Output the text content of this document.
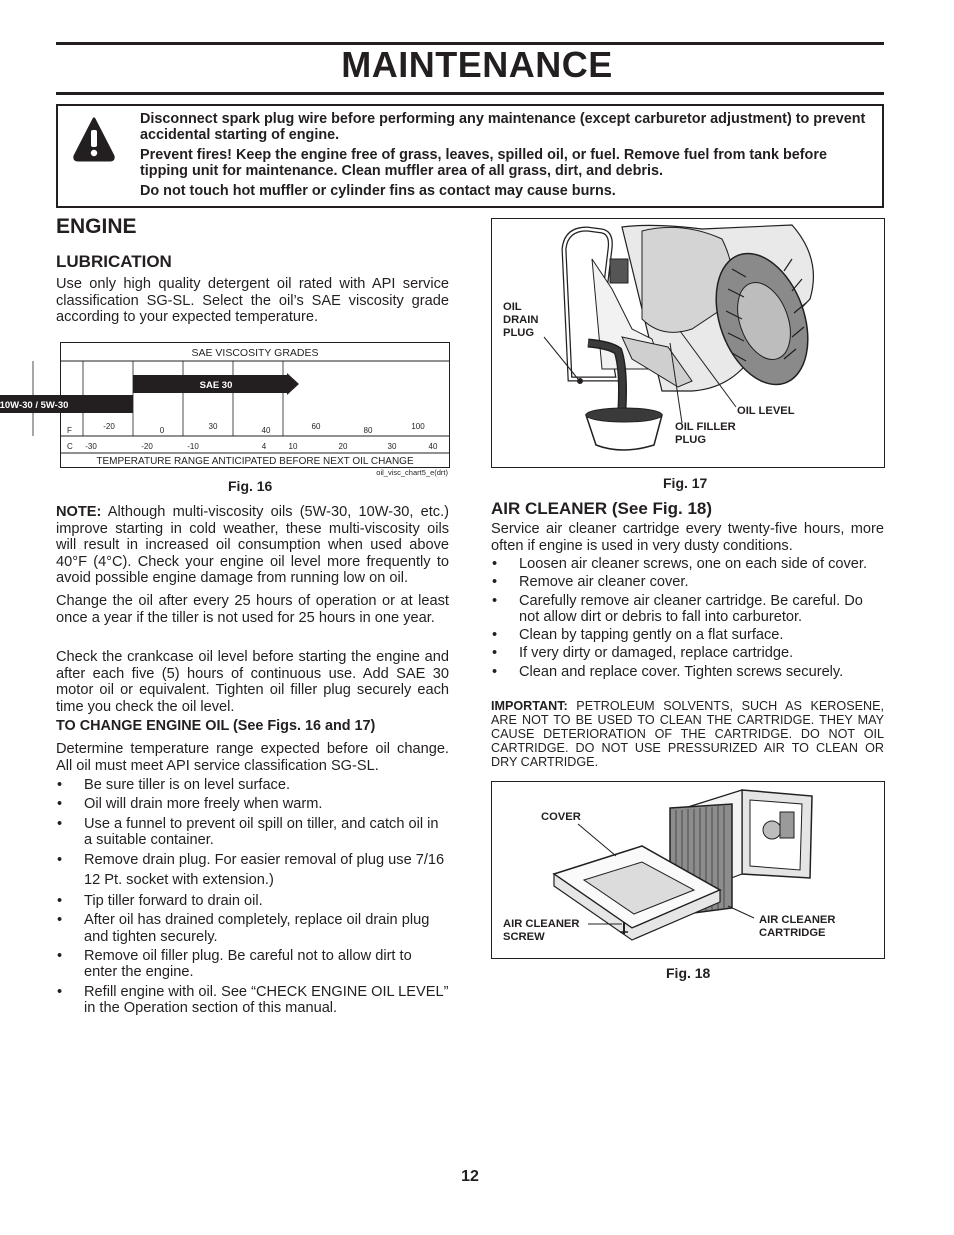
MAINTENANCE

Disconnect spark plug wire before performing any maintenance (except carburetor adjustment) to prevent accidental starting of engine.

Prevent fires! Keep the engine free of grass, leaves, spilled oil, or fuel. Remove fuel from tank before tipping unit for maintenance. Clean muffler area of all grass, dirt, and debris.

Do not touch hot muffler or cylinder fins as contact may cause burns.

ENGINE
LUBRICATION

Use only high quality detergent oil rated with API service classification SG-SL. Select the oil’s SAE viscosity grade according to your expected temperature.

SAE VISCOSITY GRADES
10W-30 / 5W-30
SAE 30
F
C
-20	0	30	40	60	80	100
-30	-20	-10	4	10	20	30	40
TEMPERATURE RANGE ANTICIPATED BEFORE NEXT OIL CHANGE
oil_visc_chart5_e(drt)
Fig. 16

NOTE: Although multi-viscosity oils (5W-30, 10W-30, etc.) improve starting in cold weather, these multi-viscosity oils will result in increased oil consumption when used above 40°F (4°C). Check your engine oil level more frequently to avoid possible engine damage from running low on oil.

Change the oil after every 25 hours of operation or at least once a year if the tiller is not used for 25 hours in one year.

Check the crankcase oil level before starting the engine and after each five (5) hours of continuous use. Add SAE 30 motor oil or equivalent. Tighten oil filler plug securely each time you check the oil level.

TO CHANGE ENGINE OIL (See Figs. 16 and 17)

Determine temperature range expected before oil change. All oil must meet API service classification SG-SL.

• Be sure tiller is on level surface.
• Oil will drain more freely when warm.
• Use a funnel to prevent oil spill on tiller, and catch oil in a suitable container.
• Remove drain plug. For easier removal of plug use 7/16 12 Pt. socket with extension.)
• Tip tiller forward to drain oil.
• After oil has drained completely, replace oil drain plug and tighten securely.
• Remove oil filler plug. Be careful not to allow dirt to enter the engine.
• Refill engine with oil. See “CHECK ENGINE OIL LEVEL” in the Operation section of this manual.
OIL
DRAIN
PLUG
OIL LEVEL
OIL FILLER
PLUG
Fig. 17
AIR CLEANER (See Fig. 18)

Service air cleaner cartridge every twenty-five hours, more often if engine is used in very dusty conditions.

• Loosen air cleaner screws, one on each side of cover.
• Remove air cleaner cover.
• Carefully remove air cleaner cartridge. Be careful. Do not allow dirt or debris to fall into carburetor.
• Clean by tapping gently on a flat surface.
• If very dirty or damaged, replace cartridge.
• Clean and replace cover. Tighten screws securely.

IMPORTANT: PETROLEUM SOLVENTS, SUCH AS KEROSENE, ARE NOT TO BE USED TO CLEAN THE CARTRIDGE. THEY MAY CAUSE DETERIORATION OF THE CARTRIDGE. DO NOT OIL CARTRIDGE. DO NOT USE PRESSURIZED AIR TO CLEAN OR DRY CARTRIDGE.

COVER
AIR CLEANER
SCREW
AIR CLEANER
CARTRIDGE
Fig. 18
12
